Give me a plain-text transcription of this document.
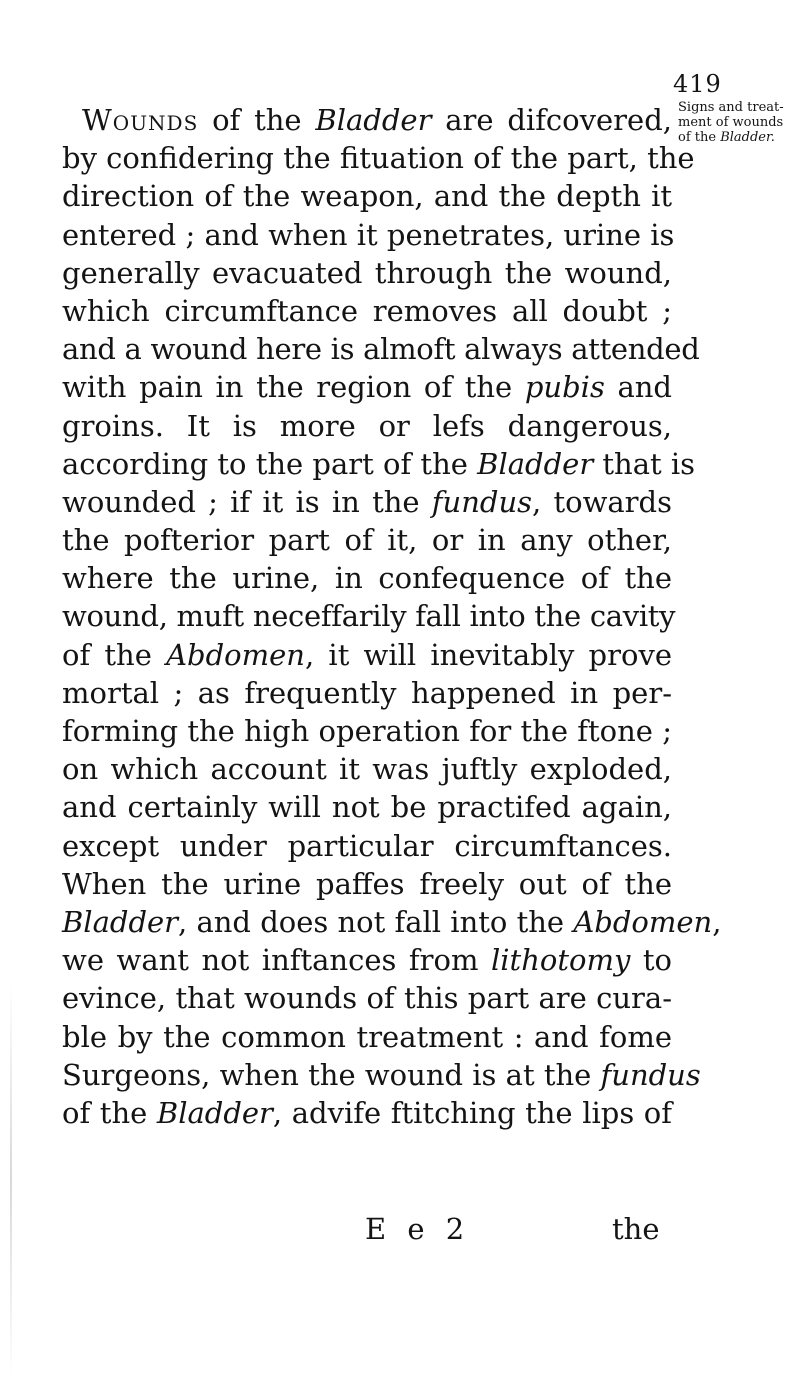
419
Signs and treat-
ment of wounds
of the Bladder.
Wounds of the Bladder are difcovered,
by confidering the fituation of the part, the
direction of the weapon, and the depth it
entered ; and when it penetrates, urine is
generally evacuated through the wound,
which circumftance removes all doubt ;
and a wound here is almoft always attended
with pain in the region of the pubis and
groins. It is more or lefs dangerous,
according to the part of the Bladder that is
wounded ; if it is in the fundus, towards
the pofterior part of it, or in any other,
where the urine, in confequence of the
wound, muft neceffarily fall into the cavity
of the Abdomen, it will inevitably prove
mortal ; as frequently happened in per-
forming the high operation for the ftone ;
on which account it was juftly exploded,
and certainly will not be practifed again,
except under particular circumftances.
When the urine paffes freely out of the
Bladder, and does not fall into the Abdomen,
we want not inftances from lithotomy to
evince, that wounds of this part are cura-
ble by the common treatment : and fome
Surgeons, when the wound is at the fundus
of the Bladder, advife ftitching the lips of
E e 2	the
